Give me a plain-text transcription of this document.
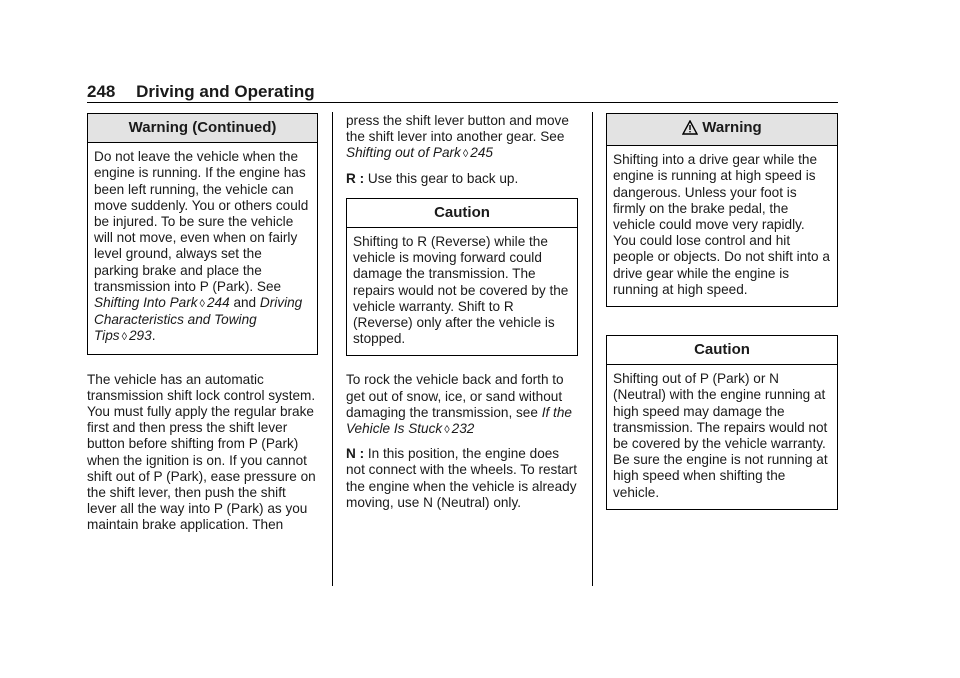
248 Driving and Operating
Warning (Continued)
Do not leave the vehicle when the engine is running. If the engine has been left running, the vehicle can move suddenly. You or others could be injured. To be sure the vehicle will not move, even when on fairly level ground, always set the parking brake and place the transmission into P (Park). See Shifting Into Park ◊ 244 and Driving Characteristics and Towing Tips ◊ 293.

The vehicle has an automatic transmission shift lock control system. You must fully apply the regular brake first and then press the shift lever button before shifting from P (Park) when the ignition is on. If you cannot shift out of P (Park), ease pressure on the shift lever, then push the shift lever all the way into P (Park) as you maintain brake application. Then

press the shift lever button and move the shift lever into another gear. See Shifting out of Park ◊ 245

R : Use this gear to back up.

Caution
Shifting to R (Reverse) while the vehicle is moving forward could damage the transmission. The repairs would not be covered by the vehicle warranty. Shift to R (Reverse) only after the vehicle is stopped.

To rock the vehicle back and forth to get out of snow, ice, or sand without damaging the transmission, see If the Vehicle Is Stuck ◊ 232

N : In this position, the engine does not connect with the wheels. To restart the engine when the vehicle is already moving, use N (Neutral) only.

Warning
Shifting into a drive gear while the engine is running at high speed is dangerous. Unless your foot is firmly on the brake pedal, the vehicle could move very rapidly. You could lose control and hit people or objects. Do not shift into a drive gear while the engine is running at high speed.
Caution
Shifting out of P (Park) or N (Neutral) with the engine running at high speed may damage the transmission. The repairs would not be covered by the vehicle warranty. Be sure the engine is not running at high speed when shifting the vehicle.
